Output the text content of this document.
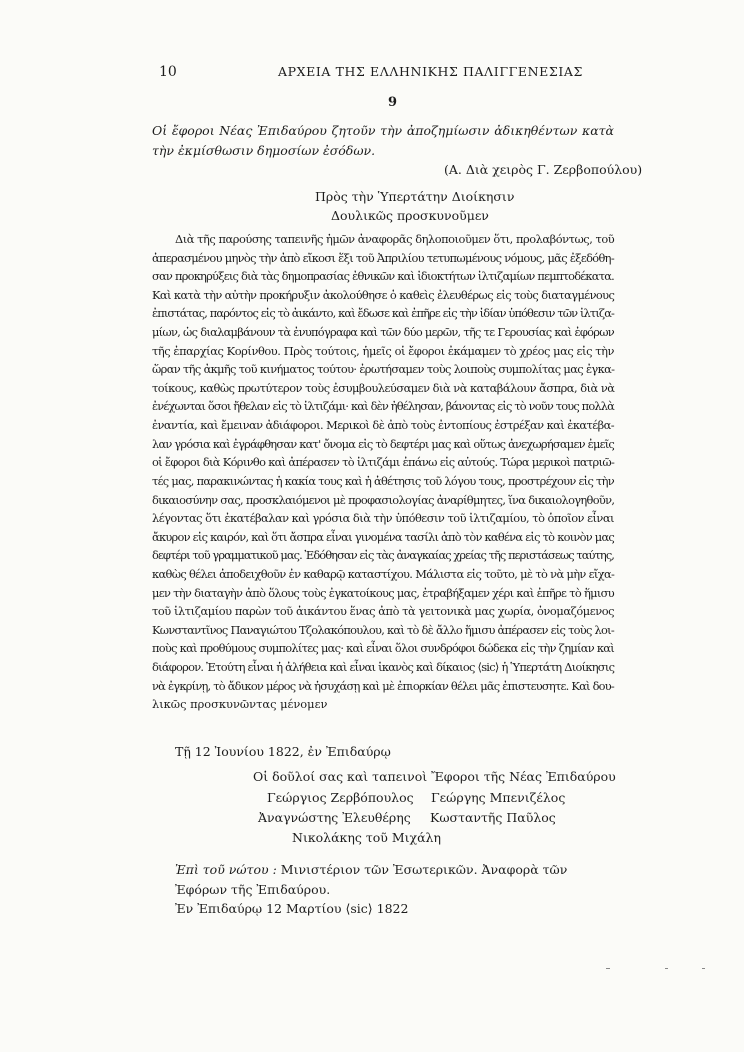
10	ΑΡΧΕΙΑ ΤΗΣ ΕΛΛΗΝΙΚΗΣ ΠΑΛΙΓΓΕΝΕΣΙΑΣ
9
Οἱ ἔφοροι Νέας Ἐπιδαύρου ζητοῦν τὴν ἀποζημίωσιν ἀδικηθέντων κατὰ τὴν ἐκμίσθωσιν δημοσίων ἐσόδων.
(Α. Διὰ χειρὸς Γ. Ζερβοπούλου)
Πρὸς τὴν Ὑπερτάτην Διοίκησιν
Δουλικῶς προσκυνοῦμεν
Διὰ τῆς παρούσης ταπεινῆς ἡμῶν ἀναφορᾶς δηλοποιοῦμεν ὅτι, προλαβόντως, τοῦ
ἀπερασμένου μηνὸς τὴν ἀπὸ εἴκοσι ἕξι τοῦ Ἀπριλίου τετυπωμένους νόμους, μᾶς ἐξεδόθη-
σαν προκηρύξεις διὰ τὰς δημοπρασίας ἐθνικῶν καὶ ἰδιοκτήτων ἰλτιζαμίων πεμπτοδέκατα.
Καὶ κατὰ τὴν αὐτὴν προκήρυξιν ἀκολούθησε ὁ καθεὶς ἐλευθέρως εἰς τοὺς διαταγμένους
ἐπιστάτας, παρόντος εἰς τὸ ἀικάντο, καὶ ἔδωσε καὶ ἐπῆρε εἰς τὴν ἰδίαν ὑπόθεσιν τῶν ἰλτιζα-
μίων, ὡς διαλαμβάνουν τὰ ἐνυπόγραφα καὶ τῶν δύο μερῶν, τῆς τε Γερουσίας καὶ ἐφόρων
τῆς ἐπαρχίας Κορίνθου. Πρὸς τούτοις, ἡμεῖς οἱ ἔφοροι ἐκάμαμεν τὸ χρέος μας εἰς τὴν
ὥραν τῆς ἀκμῆς τοῦ κινήματος τούτου· ἐρωτήσαμεν τοὺς λοιποὺς συμπολίτας μας ἐγκα-
τοίκους, καθὼς πρωτύτερον τοὺς ἐσυμβουλεύσαμεν διὰ νὰ καταβάλουν ἄσπρα, διὰ νὰ
ἐνέχωνται ὅσοι ἤθελαν εἰς τὸ ἰλτιζάμι· καὶ δὲν ἠθέλησαν, βάνοντας εἰς τὸ νοῦν τους πολλὰ
ἐναντία, καὶ ἔμειναν ἀδιάφοροι. Μερικοὶ δὲ ἀπὸ τοὺς ἐντοπίους ἐστρέξαν καὶ ἐκατέβα-
λαν γρόσια καὶ ἐγράφθησαν κατ' ὄνομα εἰς τὸ δεφτέρι μας καὶ οὕτως ἀνεχωρήσαμεν ἐμεῖς
οἱ ἔφοροι διὰ Κόρινθο καὶ ἀπέρασεν τὸ ἰλτιζάμι ἐπάνω εἰς αὐτούς. Τώρα μερικοὶ πατριῶ-
τές μας, παρακινώντας ἡ κακία τους καὶ ἡ ἀθέτησις τοῦ λόγου τους, προστρέχουν εἰς τὴν
δικαιοσύνην σας, προσκλαιόμενοι μὲ προφασιολογίας ἀναρίθμητες, ἵνα δικαιολογηθοῦν,
λέγοντας ὅτι ἐκατέβαλαν καὶ γρόσια διὰ τὴν ὑπόθεσιν τοῦ ἰλτιζαμίου, τὸ ὁποῖον εἶναι
ἄκυρον εἰς καιρόν, καὶ ὅτι ἄσπρα εἶναι γινομένα τασίλι ἀπὸ τὸν καθένα εἰς τὸ κοινὸν μας
δεφτέρι τοῦ γραμματικοῦ μας. Ἐδόθησαν εἰς τὰς ἀναγκαίας χρείας τῆς περιστάσεως ταύτης,
καθὼς θέλει ἀποδειχθοῦν ἐν καθαρῷ καταστίχου. Μάλιστα εἰς τοῦτο, μὲ τὸ νὰ μὴν εἴχα-
μεν τὴν διαταγὴν ἀπὸ ὅλους τοὺς ἐγκατοίκους μας, ἐτραβήξαμεν χέρι καὶ ἐπῆρε τὸ ἥμισυ
τοῦ ἰλτιζαμίου παρὼν τοῦ ἀικάντου ἕνας ἀπὸ τὰ γειτονικὰ μας χωρία, ὀνομαζόμενος
Κωνσταντῖνος Παναγιώτου Τζολακόπουλου, καὶ τὸ δὲ ἄλλο ἥμισυ ἀπέρασεν εἰς τοὺς λοι-
ποὺς καὶ προθύμους συμπολίτες μας· καὶ εἶναι ὅλοι συνδρόφοι δώδεκα εἰς τὴν ζημίαν καὶ
διάφορον. Ἐτούτη εἶναι ἡ ἀλήθεια καὶ εἶναι ἱκανὸς καὶ δίκαιος ⟨sic⟩ ἡ Ὑπερτάτη Διοίκησις
νὰ ἐγκρίνῃ, τὸ ἄδικον μέρος νὰ ἡσυχάσῃ καὶ μὲ ἐπιορκίαν θέλει μᾶς ἐπιστευσητε. Καὶ δου-
λικῶς προσκυνῶντας μένομεν
Τῇ 12 Ἰουνίου 1822, ἐν Ἐπιδαύρῳ
Οἱ δοῦλοί σας καὶ ταπεινοὶ Ἔφοροι τῆς Νέας Ἐπιδαύρου
Γεώργιος Ζερβόπουλος Γεώργης Μπενιζέλος
Ἀναγνώστης Ἐλευθέρης Κωσταντῆς Παῦλος
Νικολάκης τοῦ Μιχάλη
Ἐπὶ τοῦ νώτου : Μινιστέριον τῶν Ἐσωτερικῶν. Ἀναφορὰ τῶν Ἐφόρων τῆς Ἐπιδαύρου.
Ἐν Ἐπιδαύρῳ 12 Μαρτίου ⟨sic⟩ 1822
